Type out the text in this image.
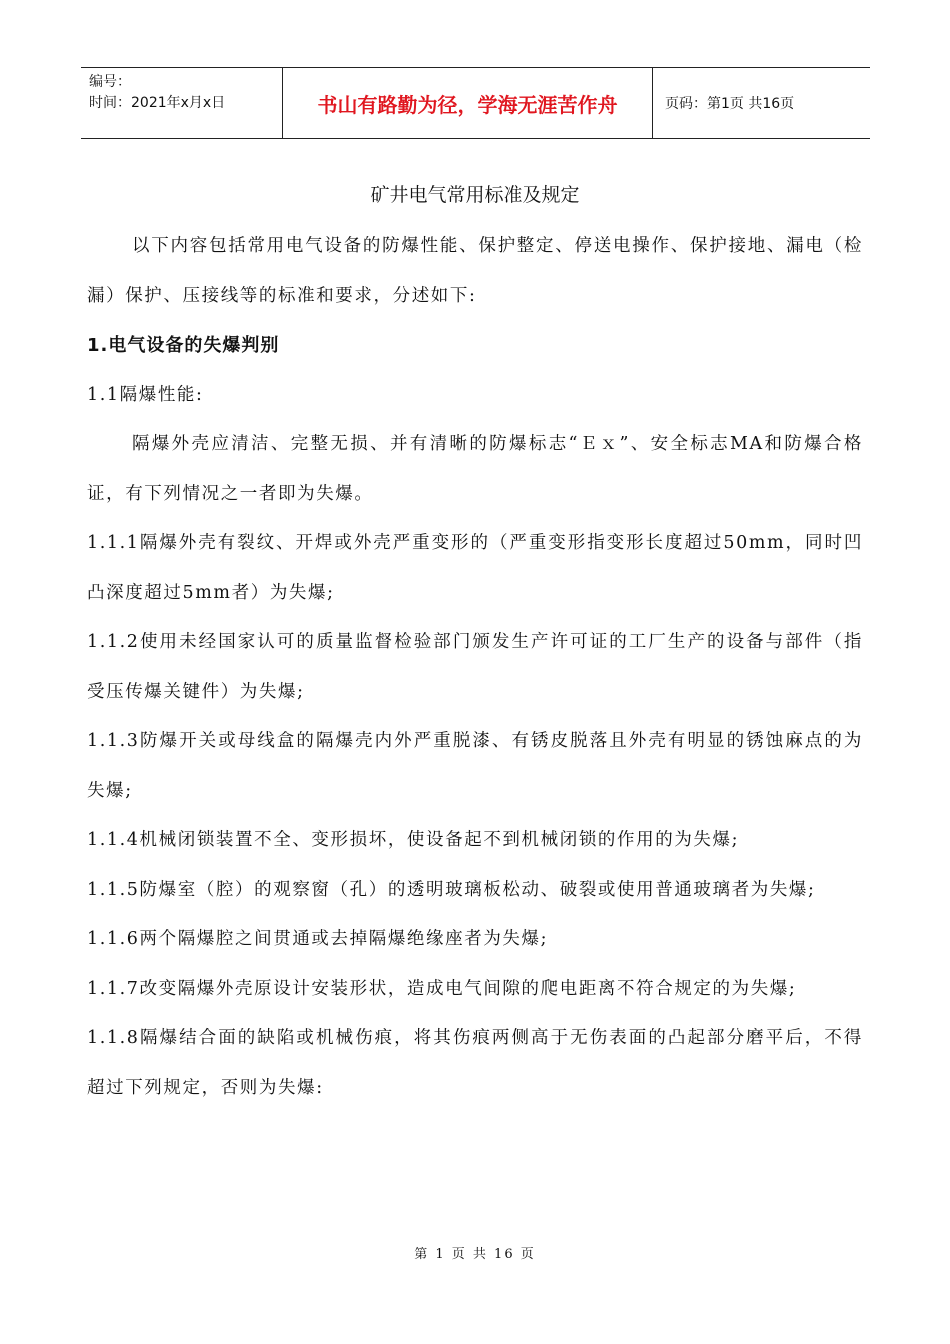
编号：
时间：2021年x月x日	书山有路勤为径，学海无涯苦作舟	页码：第1页 共16页
矿井电气常用标准及规定

以下内容包括常用电气设备的防爆性能、保护整定、停送电操作、保护接地、漏电（检漏）保护、压接线等的标准和要求，分述如下:

1.电气设备的失爆判别

1.1隔爆性能:

隔爆外壳应清洁、完整无损、并有清晰的防爆标志“Ｅｘ”、安全标志MA和防爆合格证，有下列情况之一者即为失爆。

1.1.1隔爆外壳有裂纹、开焊或外壳严重变形的（严重变形指变形长度超过50mm，同时凹凸深度超过5mm者）为失爆;

1.1.2使用未经国家认可的质量监督检验部门颁发生产许可证的工厂生产的设备与部件（指受压传爆关键件）为失爆;

1.1.3防爆开关或母线盒的隔爆壳内外严重脱漆、有锈皮脱落且外壳有明显的锈蚀麻点的为失爆;

1.1.4机械闭锁装置不全、变形损坏，使设备起不到机械闭锁的作用的为失爆;

1.1.5防爆室（腔）的观察窗（孔）的透明玻璃板松动、破裂或使用普通玻璃者为失爆;

1.1.6两个隔爆腔之间贯通或去掉隔爆绝缘座者为失爆;

1.1.7改变隔爆外壳原设计安装形状，造成电气间隙的爬电距离不符合规定的为失爆;

1.1.8隔爆结合面的缺陷或机械伤痕，将其伤痕两侧高于无伤表面的凸起部分磨平后，不得超过下列规定，否则为失爆:

第 1 页 共 16 页
